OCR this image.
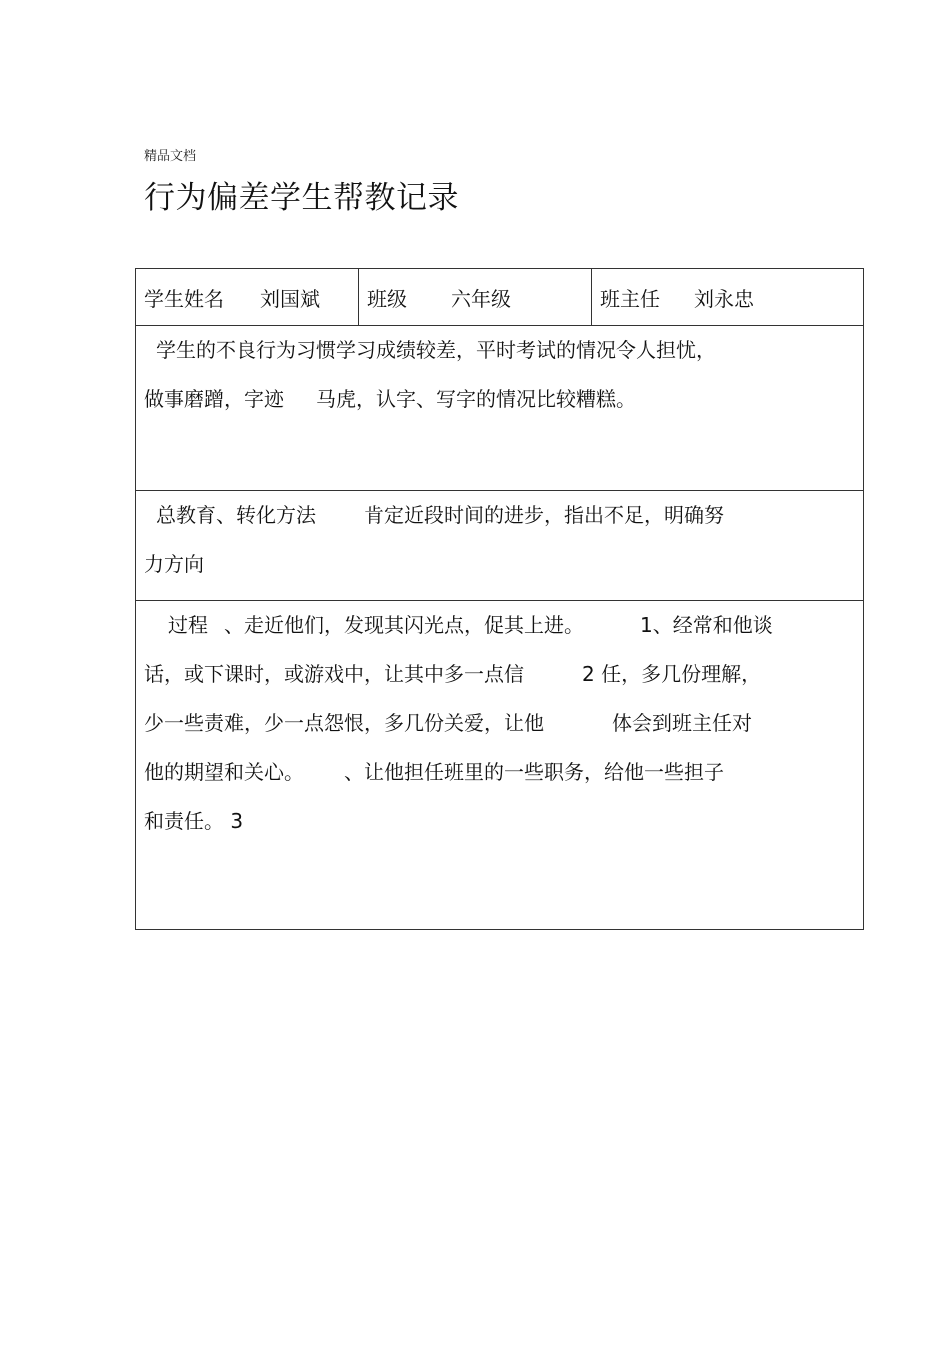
精品文档
行为偏差学生帮教记录
学生姓名 刘国斌 班级 六年级	班主任 刘永忠
学生的不良行为习惯学习成绩较差，平时考试的情况令人担忧，
做事磨蹭，字迹 马虎，认字、写字的情况比较糟糕。
总教育、转化方法 肯定近段时间的进步，指出不足，明确努
力方向
过程 、走近他们，发现其闪光点，促其上进。	1、经常和他谈
话，或下课时，或游戏中，让其中多一点信	2 任，多几份理解，
少一些责难，少一点怨恨，多几份关爱，让他	体会到班主任对
他的期望和关心。 、让他担任班里的一些职务，给他一些担子
和责任。 3
